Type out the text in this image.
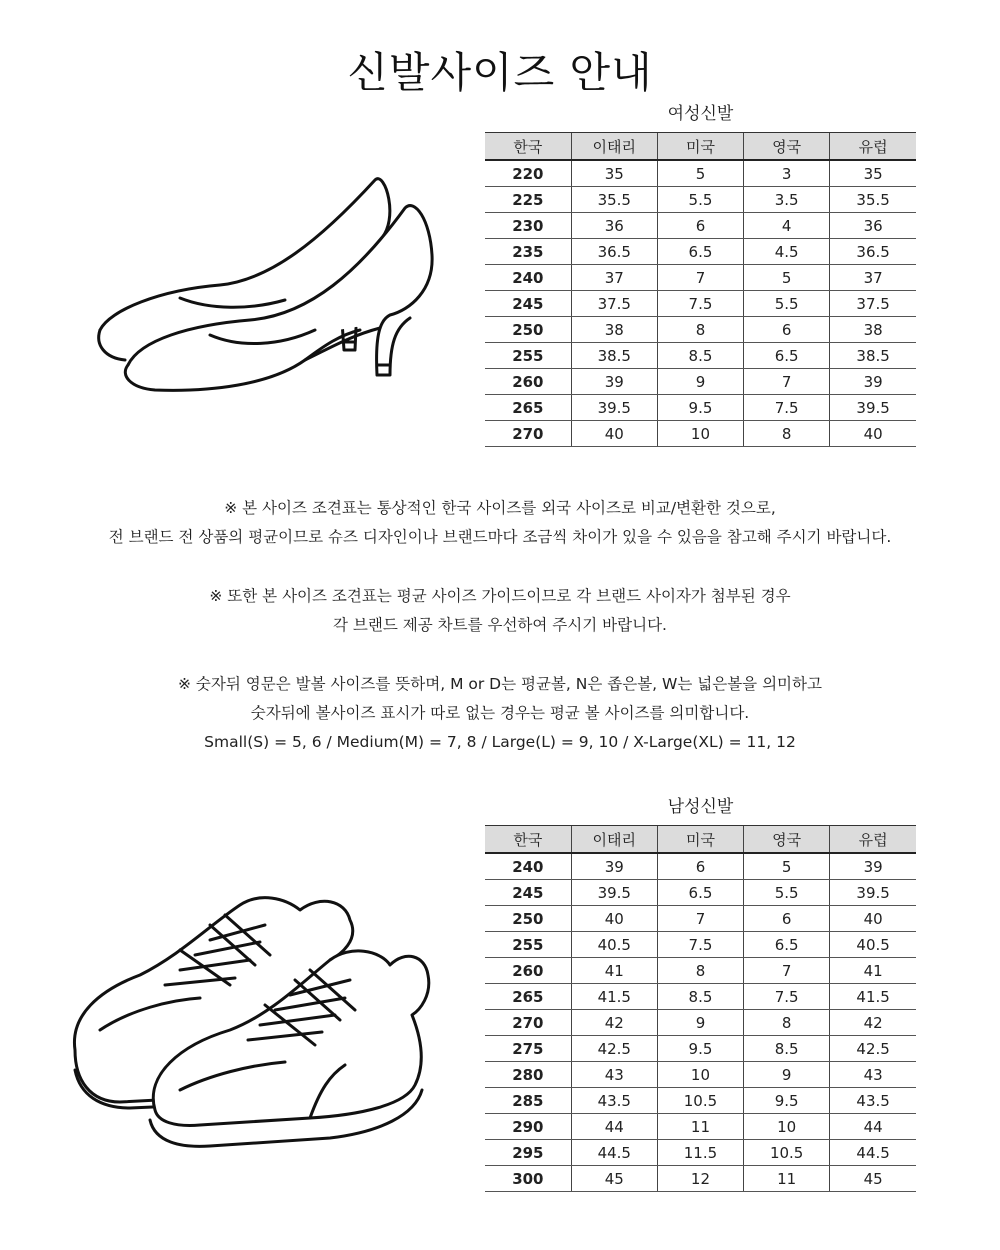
신발사이즈 안내
여성신발
한국	이태리	미국	영국	유럽
220	35	5	3	35
225	35.5	5.5	3.5	35.5
230	36	6	4	36
235	36.5	6.5	4.5	36.5
240	37	7	5	37
245	37.5	7.5	5.5	37.5
250	38	8	6	38
255	38.5	8.5	6.5	38.5
260	39	9	7	39
265	39.5	9.5	7.5	39.5
270	40	10	8	40

※ 본 사이즈 조견표는 통상적인 한국 사이즈를 외국 사이즈로 비교/변환한 것으로,

전 브랜드 전 상품의 평균이므로 슈즈 디자인이나 브랜드마다 조금씩 차이가 있을 수 있음을 참고해 주시기 바랍니다.

※ 또한 본 사이즈 조견표는 평균 사이즈 가이드이므로 각 브랜드 사이자가 첨부된 경우

각 브랜드 제공 차트를 우선하여 주시기 바랍니다.

※ 숫자뒤 영문은 발볼 사이즈를 뜻하며, M or D는 평균볼, N은 좁은볼, W는 넓은볼을 의미하고

숫자뒤에 볼사이즈 표시가 따로 없는 경우는 평균 볼 사이즈를 의미합니다.

Small(S) = 5, 6 / Medium(M) = 7, 8 / Large(L) = 9, 10 / X-Large(XL) = 11, 12

남성신발
한국	이태리	미국	영국	유럽
240	39	6	5	39
245	39.5	6.5	5.5	39.5
250	40	7	6	40
255	40.5	7.5	6.5	40.5
260	41	8	7	41
265	41.5	8.5	7.5	41.5
270	42	9	8	42
275	42.5	9.5	8.5	42.5
280	43	10	9	43
285	43.5	10.5	9.5	43.5
290	44	11	10	44
295	44.5	11.5	10.5	44.5
300	45	12	11	45
